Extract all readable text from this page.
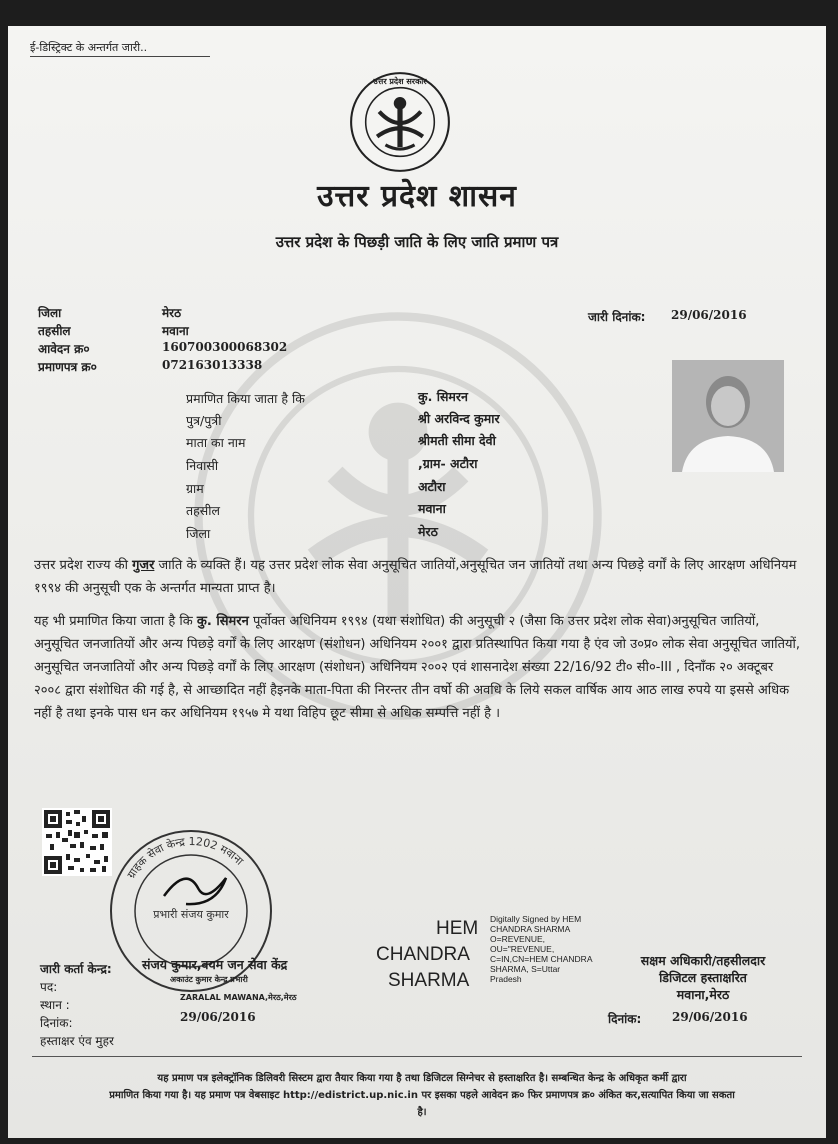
ई-डिस्ट्रिक्ट के अन्तर्गत जारी..
उत्तर प्रदेश सरकार
उत्तर प्रदेश शासन
उत्तर प्रदेश के पिछड़ी जाति के लिए जाति प्रमाण पत्र
जिला	मेरठ
तहसील	मवाना
आवेदन क्र०	160700300068302
प्रमाणपत्र क्र०	072163013338
जारी दिनांक: 29/06/2016
प्रमाणित किया जाता है कि	कु. सिमरन
पुत्र/पुत्री	श्री अरविन्द कुमार
माता का नाम	श्रीमती सीमा देवी
निवासी	,ग्राम- अटौरा
ग्राम	अटौरा
तहसील	मवाना
जिला	मेरठ
उत्तर प्रदेश राज्य की गुजर जाति के व्यक्ति हैं। यह उत्तर प्रदेश लोक सेवा अनुसूचित जातियों,अनुसूचित जन जातियों तथा अन्य पिछड़े वर्गों के लिए आरक्षण अधिनियम १९९४ की अनुसूची एक के अन्तर्गत मान्यता प्राप्त है।
यह भी प्रमाणित किया जाता है कि कु. सिमरन पूर्वोक्त अधिनियम १९९४ (यथा संशोधित) की अनुसूची २ (जैसा कि उत्तर प्रदेश लोक सेवा)अनुसूचित जातियों, अनुसूचित जनजातियों और अन्य पिछड़े वर्गों के लिए आरक्षण (संशोधन) अधिनियम २००१ द्वारा प्रतिस्थापित किया गया है एंव जो उ०प्र० लोक सेवा अनुसूचित जातियों, अनुसूचित जनजातियों और अन्य पिछड़े वर्गों के लिए आरक्षण (संशोधन) अधिनियम २००२ एवं शासनादेश संख्या 22/16/92 टी० सी०-III , दिनाँक २० अक्टूबर २००८ द्वारा संशोधित की गई है, से आच्छादित नहीं हैइनके माता-पिता की निरन्तर तीन वर्षो की अवधि के लिये सकल वार्षिक आय आठ लाख रुपये या इससे अधिक नहीं है तथा इनके पास धन कर अधिनियम १९५७ मे यथा विहिप छूट सीमा से अधिक सम्पत्ति नहीं है ।
ग्राहक सेवा केन्द्र 1202 मवाना
प्रभारी संजय कुमार
जारी कर्ता केन्द्र: संजय कुमार,वयम जन सेवा केंद्र
अकाउंट कुमार केन्द्र प्रभारी
पद:
स्थान :
ZARALAL MAWANA,मेरठ,मेरठ
दिनांक:	29/06/2016
हस्ताक्षर एंव मुहर
HEM
CHANDRA
SHARMA
Digitally Signed by HEM
CHANDRA SHARMA
O=REVENUE,
OU="REVENUE,
C=IN,CN=HEM CHANDRA
SHARMA, S=Uttar
Pradesh
सक्षम अधिकारी/तहसीलदार
डिजिटल हस्ताक्षरित
मवाना,मेरठ
दिनांक:	29/06/2016
यह प्रमाण पत्र इलेक्ट्रॉनिक डिलिवरी सिस्टम द्वारा तैयार किया गया है तथा डिजिटल सिग्नेचर से हस्ताक्षरित है। सम्बन्धित केन्द्र के अधिकृत कर्मी द्वारा
प्रमाणित किया गया है। यह प्रमाण पत्र वेबसाइट http://edistrict.up.nic.in पर इसका पहले आवेदन क्र० फिर प्रमाणपत्र क्र० अंकित कर,सत्यापित किया जा सकता
है।
